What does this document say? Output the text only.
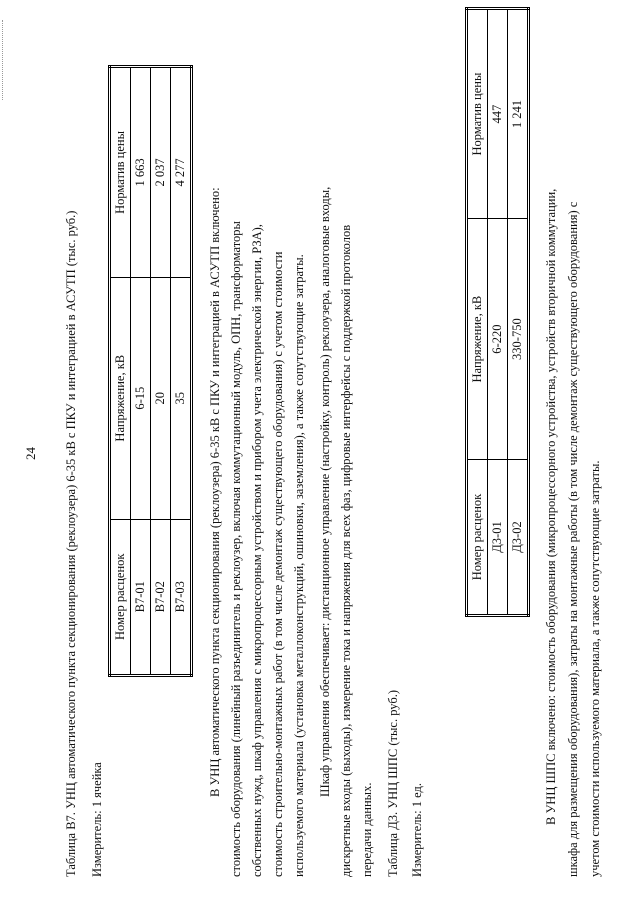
24 Таблица В7. УНЦ автоматического пункта секционирования (реклоузера) 6-35 кВ с ПКУ и интеграцией в АСУТП (тыс. руб.) Измеритель: 1 ячейка
Номер расценок	Напряжение, кВ	Норматив цены
В7-01	6-15	1 663
В7-02	20	2 037
В7-03	35	4 277
В УНЦ автоматического пункта секционирования (реклоузера) 6-35 кВ с ПКУ и интеграцией в АСУТП включено: стоимость оборудования (линейный разъединитель и реклоузер, включая коммутационный модуль, ОПН, трансформаторы собственных нужд, шкаф управления с микропроцессорным устройством и прибором учета электрической энергии, РЗА), стоимость строительно-монтажных работ (в том числе демонтаж существующего оборудования) с учетом стоимости используемого материала (установка металлоконструкций, ошиновки, заземления), а также сопутствующие затраты. Шкаф управления обеспечивает: дистанционное управление (настройку, контроль) реклоузера, аналоговые входы, дискретные входы (выходы), измерение тока и напряжения для всех фаз, цифровые интерфейсы с поддержкой протоколов передачи данных. Таблица Д3. УНЦ ШПС (тыс. руб.) Измеритель: 1 ед.
Номер расценок	Напряжение, кВ	Норматив цены
Д3-01	6-220	447
Д3-02	330-750	1 241
В УНЦ ШПС включено: стоимость оборудования (микропроцессорного устройства, устройств вторичной коммутации, шкафа для размещения оборудования), затраты на монтажные работы (в том числе демонтаж существующего оборудования) с учетом стоимости используемого материала, а также сопутствующие затраты.
